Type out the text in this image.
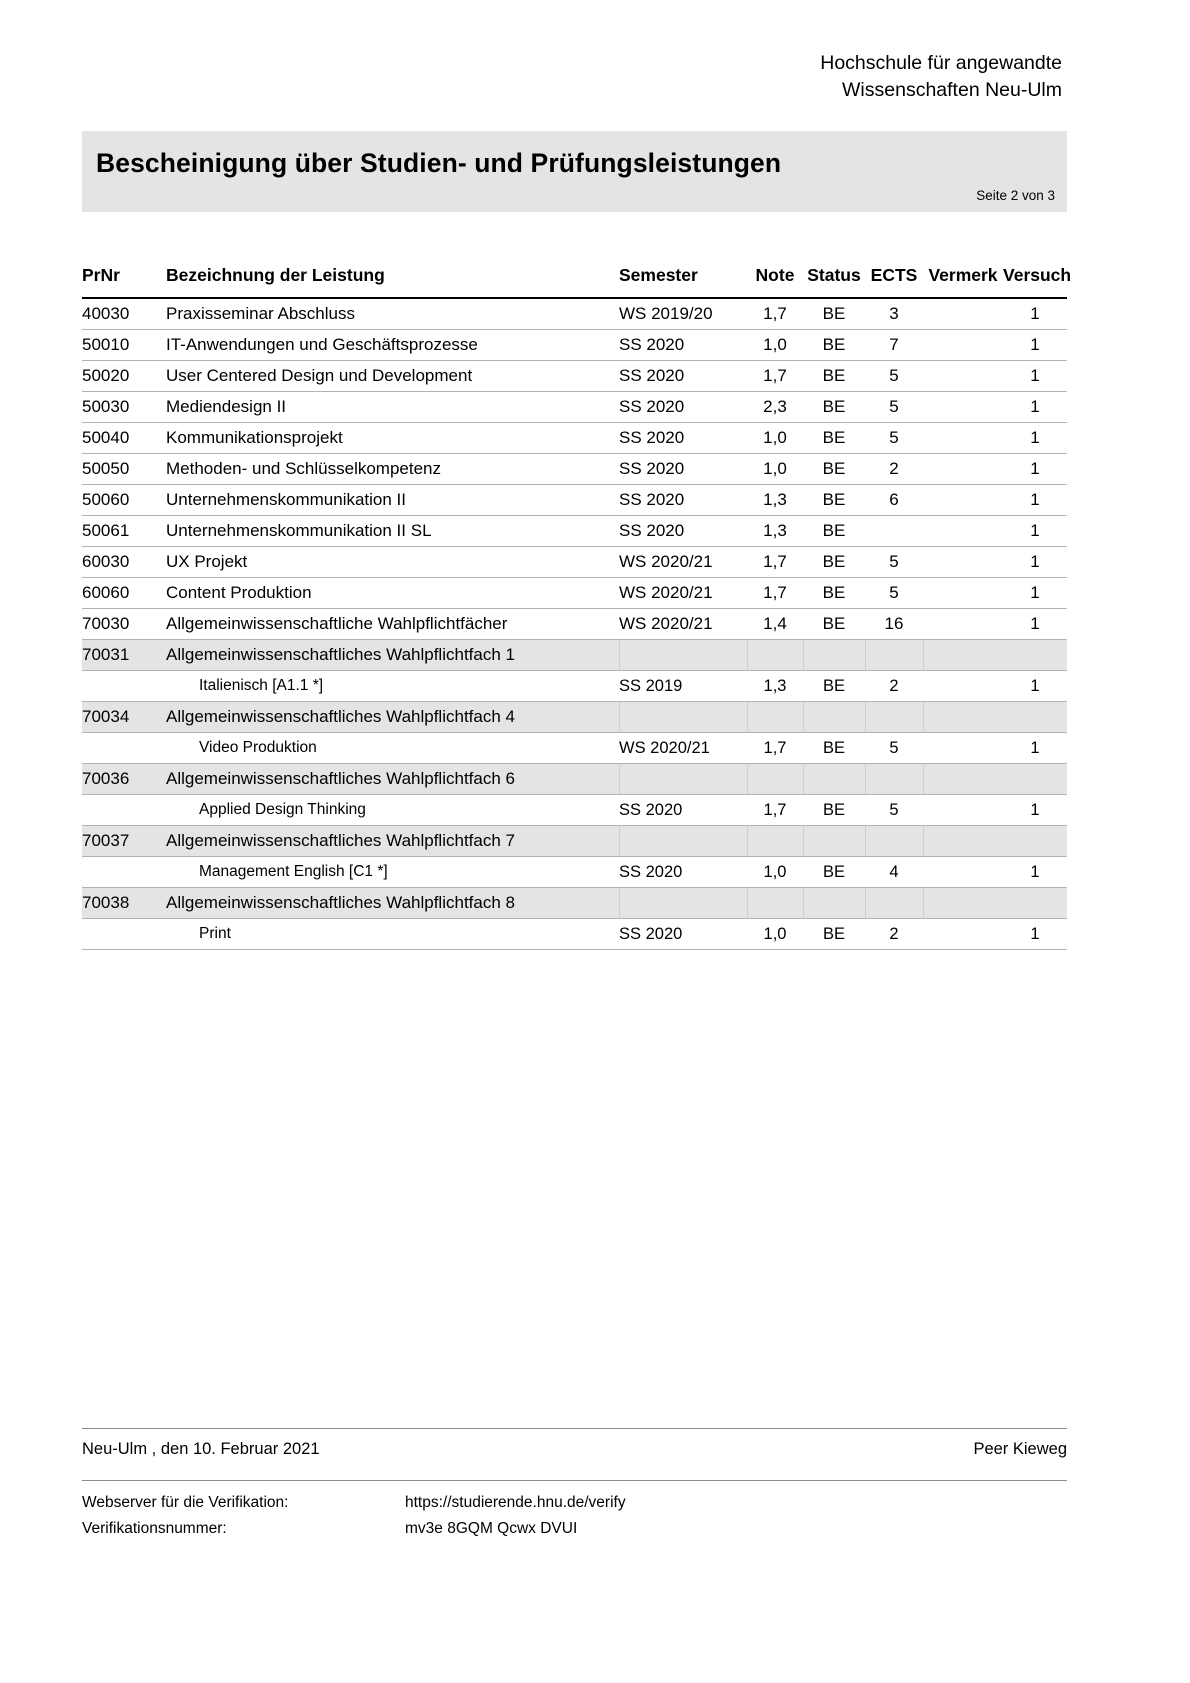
Hochschule für angewandte
Wissenschaften Neu-Ulm
Bescheinigung über Studien- und Prüfungsleistungen
Seite 2 von 3
PrNr	Bezeichnung der Leistung	Semester	Note	Status	ECTS	Vermerk	Versuch
40030	Praxisseminar Abschluss	WS 2019/20	1,7	BE	3		1
50010	IT-Anwendungen und Geschäftsprozesse	SS 2020	1,0	BE	7		1
50020	User Centered Design und Development	SS 2020	1,7	BE	5		1
50030	Mediendesign II	SS 2020	2,3	BE	5		1
50040	Kommunikationsprojekt	SS 2020	1,0	BE	5		1
50050	Methoden- und Schlüsselkompetenz	SS 2020	1,0	BE	2		1
50060	Unternehmenskommunikation II	SS 2020	1,3	BE	6		1
50061	Unternehmenskommunikation II SL	SS 2020	1,3	BE			1
60030	UX Projekt	WS 2020/21	1,7	BE	5		1
60060	Content Produktion	WS 2020/21	1,7	BE	5		1
70030	Allgemeinwissenschaftliche Wahlpflichtfächer	WS 2020/21	1,4	BE	16		1
70031	Allgemeinwissenschaftliches Wahlpflichtfach 1						
	Italienisch [A1.1 *]	SS 2019	1,3	BE	2		1
70034	Allgemeinwissenschaftliches Wahlpflichtfach 4						
	Video Produktion	WS 2020/21	1,7	BE	5		1
70036	Allgemeinwissenschaftliches Wahlpflichtfach 6						
	Applied Design Thinking	SS 2020	1,7	BE	5		1
70037	Allgemeinwissenschaftliches Wahlpflichtfach 7						
	Management English [C1 *]	SS 2020	1,0	BE	4		1
70038	Allgemeinwissenschaftliches Wahlpflichtfach 8						
	Print	SS 2020	1,0	BE	2		1
Neu-Ulm , den 10. Februar 2021	Peer Kieweg
Webserver für die Verifikation:	https://studierende.hnu.de/verify
Verifikationsnummer:	mv3e 8GQM Qcwx DVUI
